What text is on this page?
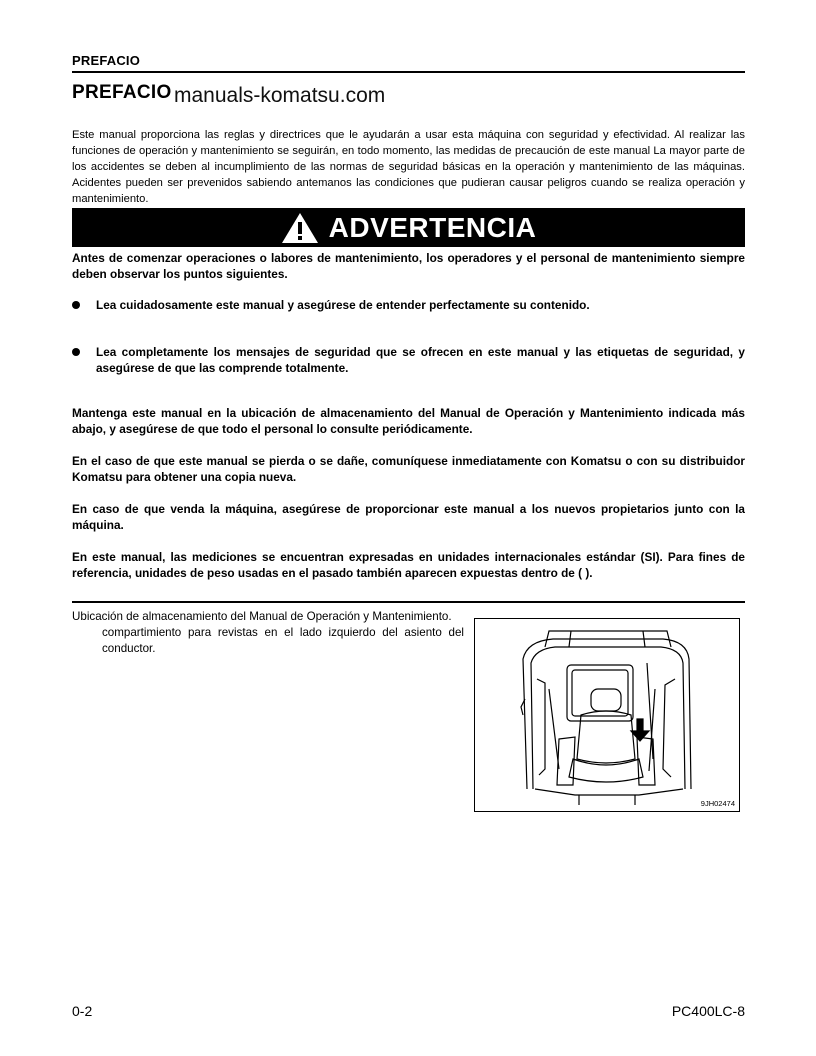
PREFACIO
PREFACIO manuals-komatsu.com

Este manual proporciona las reglas y directrices que le ayudarán a usar esta máquina con seguridad y efectividad. Al realizar las funciones de operación y mantenimiento se seguirán, en todo momento, las medidas de precaución de este manual La mayor parte de los accidentes se deben al incumplimiento de las normas de seguridad básicas en la operación y mantenimiento de las máquinas. Acidentes pueden ser prevenidos sabiendo antemanos las condiciones que pudieran causar peligros cuando se realiza operación y mantenimiento.

ADVERTENCIA

Antes de comenzar operaciones o labores de mantenimiento, los operadores y el personal de mantenimiento siempre deben observar los puntos siguientes.

Lea cuidadosamente este manual y asegúrese de entender perfectamente su contenido.
Lea completamente los mensajes de seguridad que se ofrecen en este manual y las etiquetas de seguridad, y asegúrese de que las comprende totalmente.

Mantenga este manual en la ubicación de almacenamiento del Manual de Operación y Mantenimiento indicada más abajo, y asegúrese de que todo el personal lo consulte periódicamente.

En el caso de que este manual se pierda o se dañe, comuníquese inmediatamente con Komatsu o con su distribuidor Komatsu para obtener una copia nueva.

En caso de que venda la máquina, asegúrese de proporcionar este manual a los nuevos propietarios junto con la máquina.

En este manual, las mediciones se encuentran expresadas en unidades internacionales estándar (SI). Para fines de referencia, unidades de peso usadas en el pasado también aparecen expuestas dentro de ( ).

Ubicación de almacenamiento del Manual de Operación y Mantenimiento.
compartimiento para revistas en el lado izquierdo del asiento del conductor.

9JH02474
0-2	PC400LC-8
